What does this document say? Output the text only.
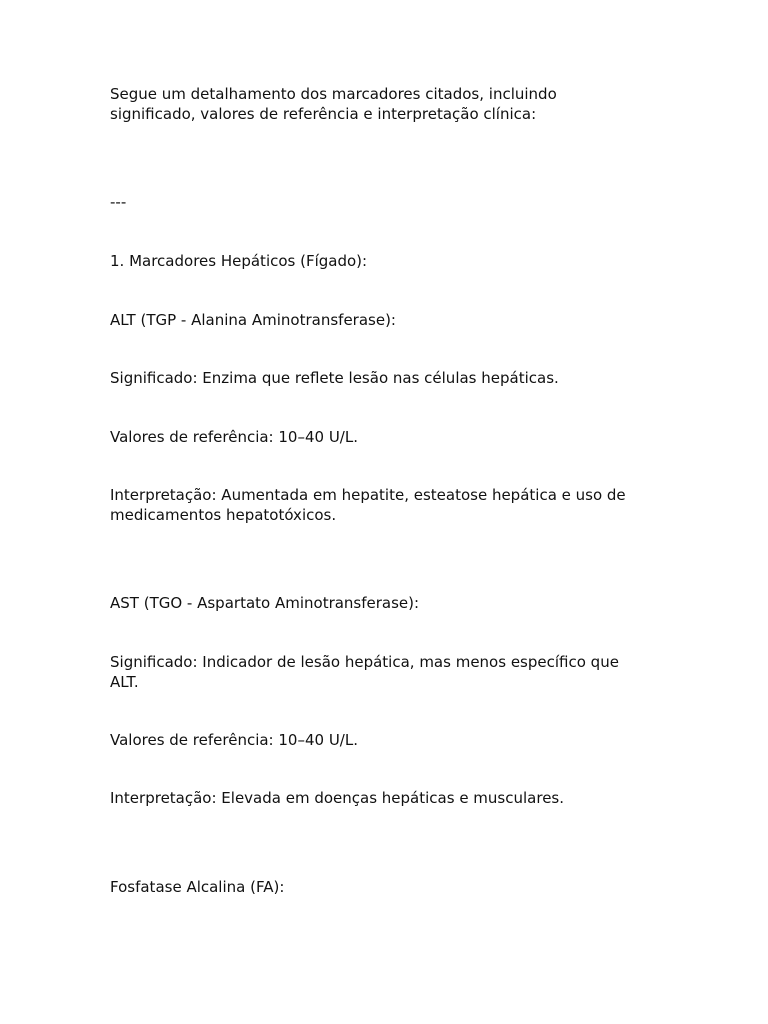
Segue um detalhamento dos marcadores citados, incluindo
significado, valores de referência e interpretação clínica:

---

1. Marcadores Hepáticos (Fígado):

ALT (TGP - Alanina Aminotransferase):

Significado: Enzima que reflete lesão nas células hepáticas.

Valores de referência: 10–40 U/L.

Interpretação: Aumentada em hepatite, esteatose hepática e uso de
medicamentos hepatotóxicos.

AST (TGO - Aspartato Aminotransferase):

Significado: Indicador de lesão hepática, mas menos específico que
ALT.

Valores de referência: 10–40 U/L.

Interpretação: Elevada em doenças hepáticas e musculares.

Fosfatase Alcalina (FA):
